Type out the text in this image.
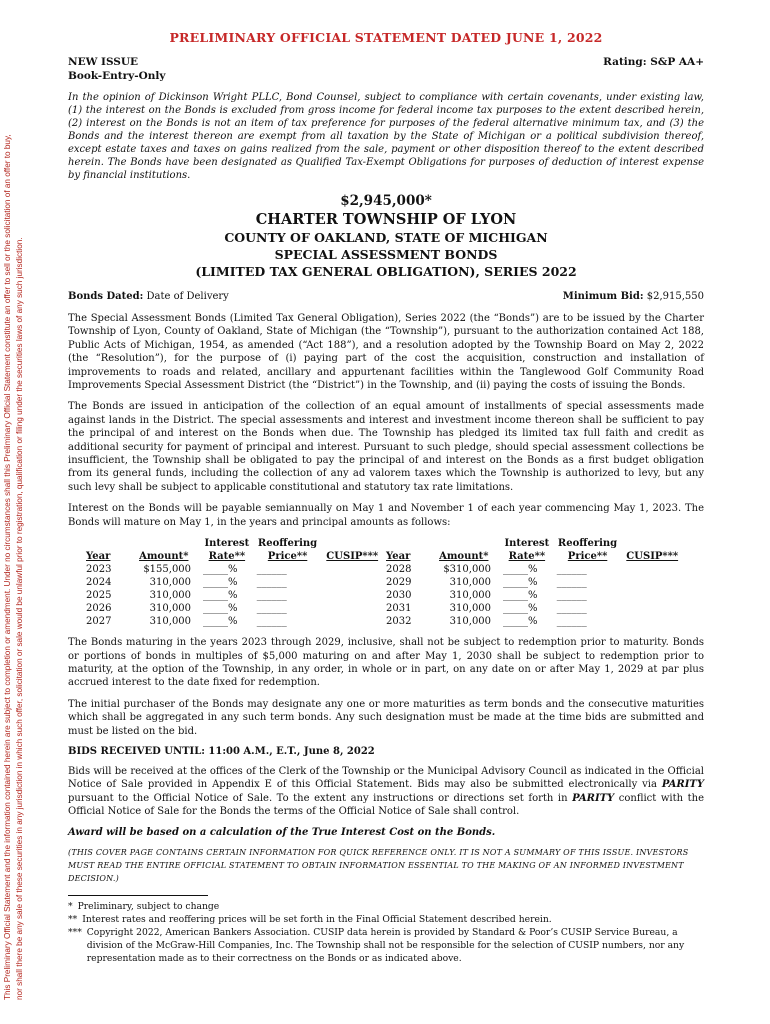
This Preliminary Official Statement and the information contained herein are subject to completion or amendment. Under no circumstances shall this Preliminary Official Statement constitute an offer to sell or the solicitation of an offer to buy, nor shall there be any sale of these securities in any jurisdiction in which such offer, solicitation or sale would be unlawful prior to registration, qualification or filing under the securities laws of any such jurisdiction.
PRELIMINARY OFFICIAL STATEMENT DATED JUNE 1, 2022
NEW ISSUE
Book-Entry-Only
Rating: S&P AA+
In the opinion of Dickinson Wright PLLC, Bond Counsel, subject to compliance with certain covenants, under existing law, (1) the interest on the Bonds is excluded from gross income for federal income tax purposes to the extent described herein, (2) interest on the Bonds is not an item of tax preference for purposes of the federal alternative minimum tax, and (3) the Bonds and the interest thereon are exempt from all taxation by the State of Michigan or a political subdivision thereof, except estate taxes and taxes on gains realized from the sale, payment or other disposition thereof to the extent described herein. The Bonds have been designated as Qualified Tax-Exempt Obligations for purposes of deduction of interest expense by financial institutions.
$2,945,000*
CHARTER TOWNSHIP OF LYON
COUNTY OF OAKLAND, STATE OF MICHIGAN
SPECIAL ASSESSMENT BONDS
(LIMITED TAX GENERAL OBLIGATION), SERIES 2022
Bonds Dated: Date of Delivery	Minimum Bid: $2,915,550

The Special Assessment Bonds (Limited Tax General Obligation), Series 2022 (the “Bonds”) are to be issued by the Charter Township of Lyon, County of Oakland, State of Michigan (the “Township”), pursuant to the authorization contained Act 188, Public Acts of Michigan, 1954, as amended (“Act 188”), and a resolution adopted by the Township Board on May 2, 2022 (the “Resolution”), for the purpose of (i) paying part of the cost the acquisition, construction and installation of improvements to roads and related, ancillary and appurtenant facilities within the Tanglewood Golf Community Road Improvements Special Assessment District (the “District”) in the Township, and (ii) paying the costs of issuing the Bonds.

The Bonds are issued in anticipation of the collection of an equal amount of installments of special assessments made against lands in the District. The special assessments and interest and investment income thereon shall be sufficient to pay the principal of and interest on the Bonds when due. The Township has pledged its limited tax full faith and credit as additional security for payment of principal and interest. Pursuant to such pledge, should special assessment collections be insufficient, the Township shall be obligated to pay the principal of and interest on the Bonds as a first budget obligation from its general funds, including the collection of any ad valorem taxes which the Township is authorized to levy, but any such levy shall be subject to applicable constitutional and statutory tax rate limitations.

Interest on the Bonds will be payable semiannually on May 1 and November 1 of each year commencing May 1, 2023. The Bonds will mature on May 1, in the years and principal amounts as follows:

		Interest	Reoffering	
Year	Amount*	Rate**	Price**	CUSIP***
2023	$155,000	_____%	______	
2024	310,000	_____%	______	
2025	310,000	_____%	______	
2026	310,000	_____%	______	
2027	310,000	_____%	______	
		Interest	Reoffering	
Year	Amount*	Rate**	Price**	CUSIP***
2028	$310,000	_____%	______	
2029	310,000	_____%	______	
2030	310,000	_____%	______	
2031	310,000	_____%	______	
2032	310,000	_____%	______	

The Bonds maturing in the years 2023 through 2029, inclusive, shall not be subject to redemption prior to maturity. Bonds or portions of bonds in multiples of $5,000 maturing on and after May 1, 2030 shall be subject to redemption prior to maturity, at the option of the Township, in any order, in whole or in part, on any date on or after May 1, 2029 at par plus accrued interest to the date fixed for redemption.

The initial purchaser of the Bonds may designate any one or more maturities as term bonds and the consecutive maturities which shall be aggregated in any such term bonds. Any such designation must be made at the time bids are submitted and must be listed on the bid.

BIDS RECEIVED UNTIL: 11:00 A.M., E.T., June 8, 2022

Bids will be received at the offices of the Clerk of the Township or the Municipal Advisory Council as indicated in the Official Notice of Sale provided in Appendix E of this Official Statement. Bids may also be submitted electronically via PARITY pursuant to the Official Notice of Sale. To the extent any instructions or directions set forth in PARITY conflict with the Official Notice of Sale for the Bonds the terms of the Official Notice of Sale shall control.

Award will be based on a calculation of the True Interest Cost on the Bonds.
(THIS COVER PAGE CONTAINS CERTAIN INFORMATION FOR QUICK REFERENCE ONLY. IT IS NOT A SUMMARY OF THIS ISSUE. INVESTORS MUST READ THE ENTIRE OFFICIAL STATEMENT TO OBTAIN INFORMATION ESSENTIAL TO THE MAKING OF AN INFORMED INVESTMENT DECISION.)
* Preliminary, subject to change
** Interest rates and reoffering prices will be set forth in the Final Official Statement described herein.
*** Copyright 2022, American Bankers Association. CUSIP data herein is provided by Standard & Poor’s CUSIP Service Bureau, a division of the McGraw-Hill Companies, Inc. The Township shall not be responsible for the selection of CUSIP numbers, nor any representation made as to their correctness on the Bonds or as indicated above.
